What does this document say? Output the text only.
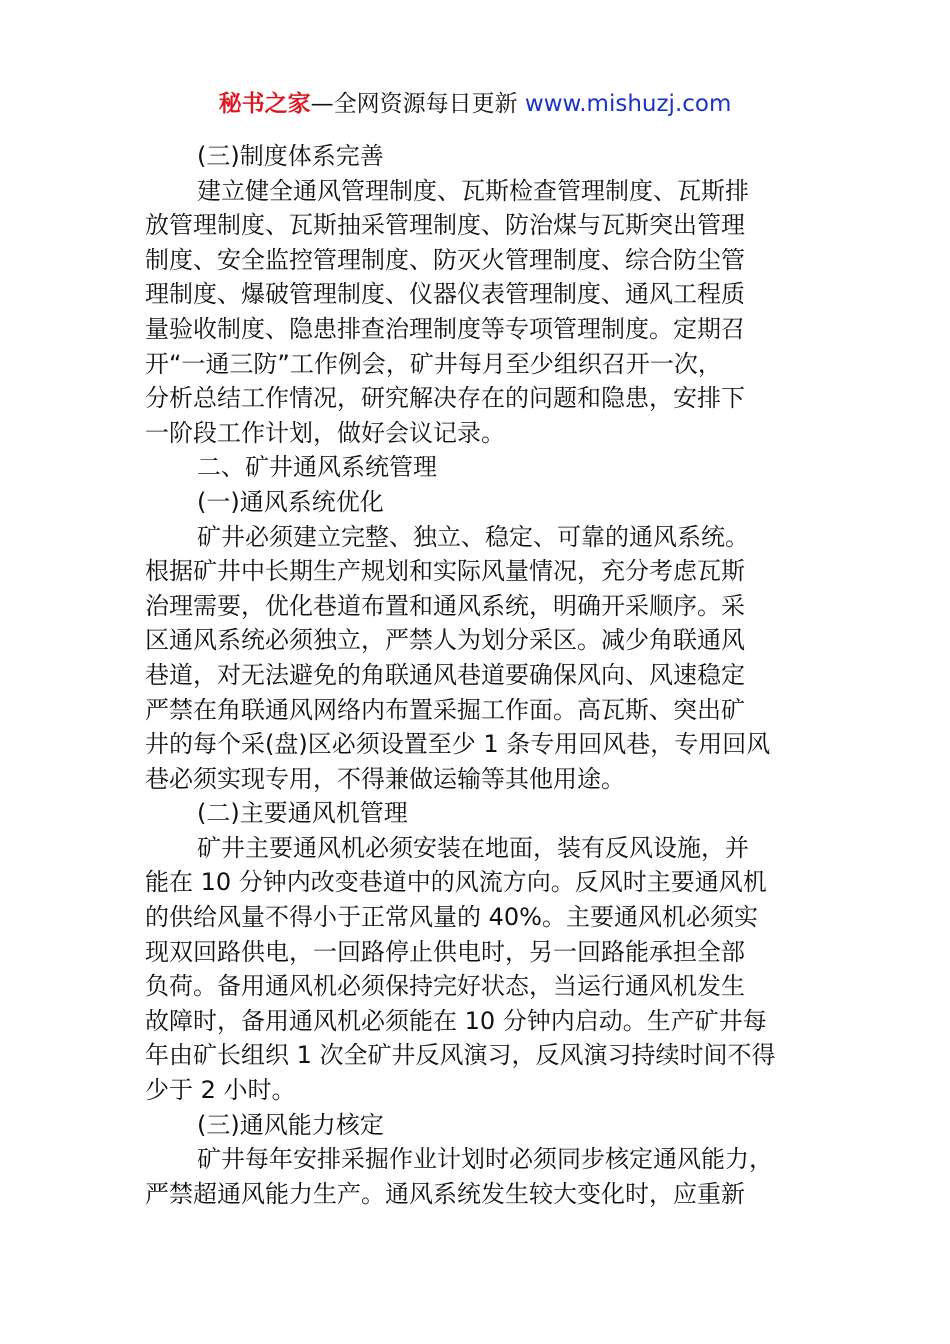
秘书之家—全网资源每日更新 www.mishuzj.com
(三)制度体系完善
建立健全通风管理制度、瓦斯检查管理制度、瓦斯排
放管理制度、瓦斯抽采管理制度、防治煤与瓦斯突出管理
制度、安全监控管理制度、防灭火管理制度、综合防尘管
理制度、爆破管理制度、仪器仪表管理制度、通风工程质
量验收制度、隐患排查治理制度等专项管理制度。定期召
开“一通三防”工作例会，矿井每月至少组织召开一次，
分析总结工作情况，研究解决存在的问题和隐患，安排下
一阶段工作计划，做好会议记录。
二、矿井通风系统管理
(一)通风系统优化
矿井必须建立完整、独立、稳定、可靠的通风系统。
根据矿井中长期生产规划和实际风量情况，充分考虑瓦斯
治理需要，优化巷道布置和通风系统，明确开采顺序。采
区通风系统必须独立，严禁人为划分采区。减少角联通风
巷道，对无法避免的角联通风巷道要确保风向、风速稳定
严禁在角联通风网络内布置采掘工作面。高瓦斯、突出矿
井的每个采(盘)区必须设置至少 1 条专用回风巷，专用回风
巷必须实现专用，不得兼做运输等其他用途。
(二)主要通风机管理
矿井主要通风机必须安装在地面，装有反风设施，并
能在 10 分钟内改变巷道中的风流方向。反风时主要通风机
的供给风量不得小于正常风量的 40%。主要通风机必须实
现双回路供电，一回路停止供电时，另一回路能承担全部
负荷。备用通风机必须保持完好状态，当运行通风机发生
故障时，备用通风机必须能在 10 分钟内启动。生产矿井每
年由矿长组织 1 次全矿井反风演习，反风演习持续时间不得
少于 2 小时。
(三)通风能力核定
矿井每年安排采掘作业计划时必须同步核定通风能力，
严禁超通风能力生产。通风系统发生较大变化时，应重新
